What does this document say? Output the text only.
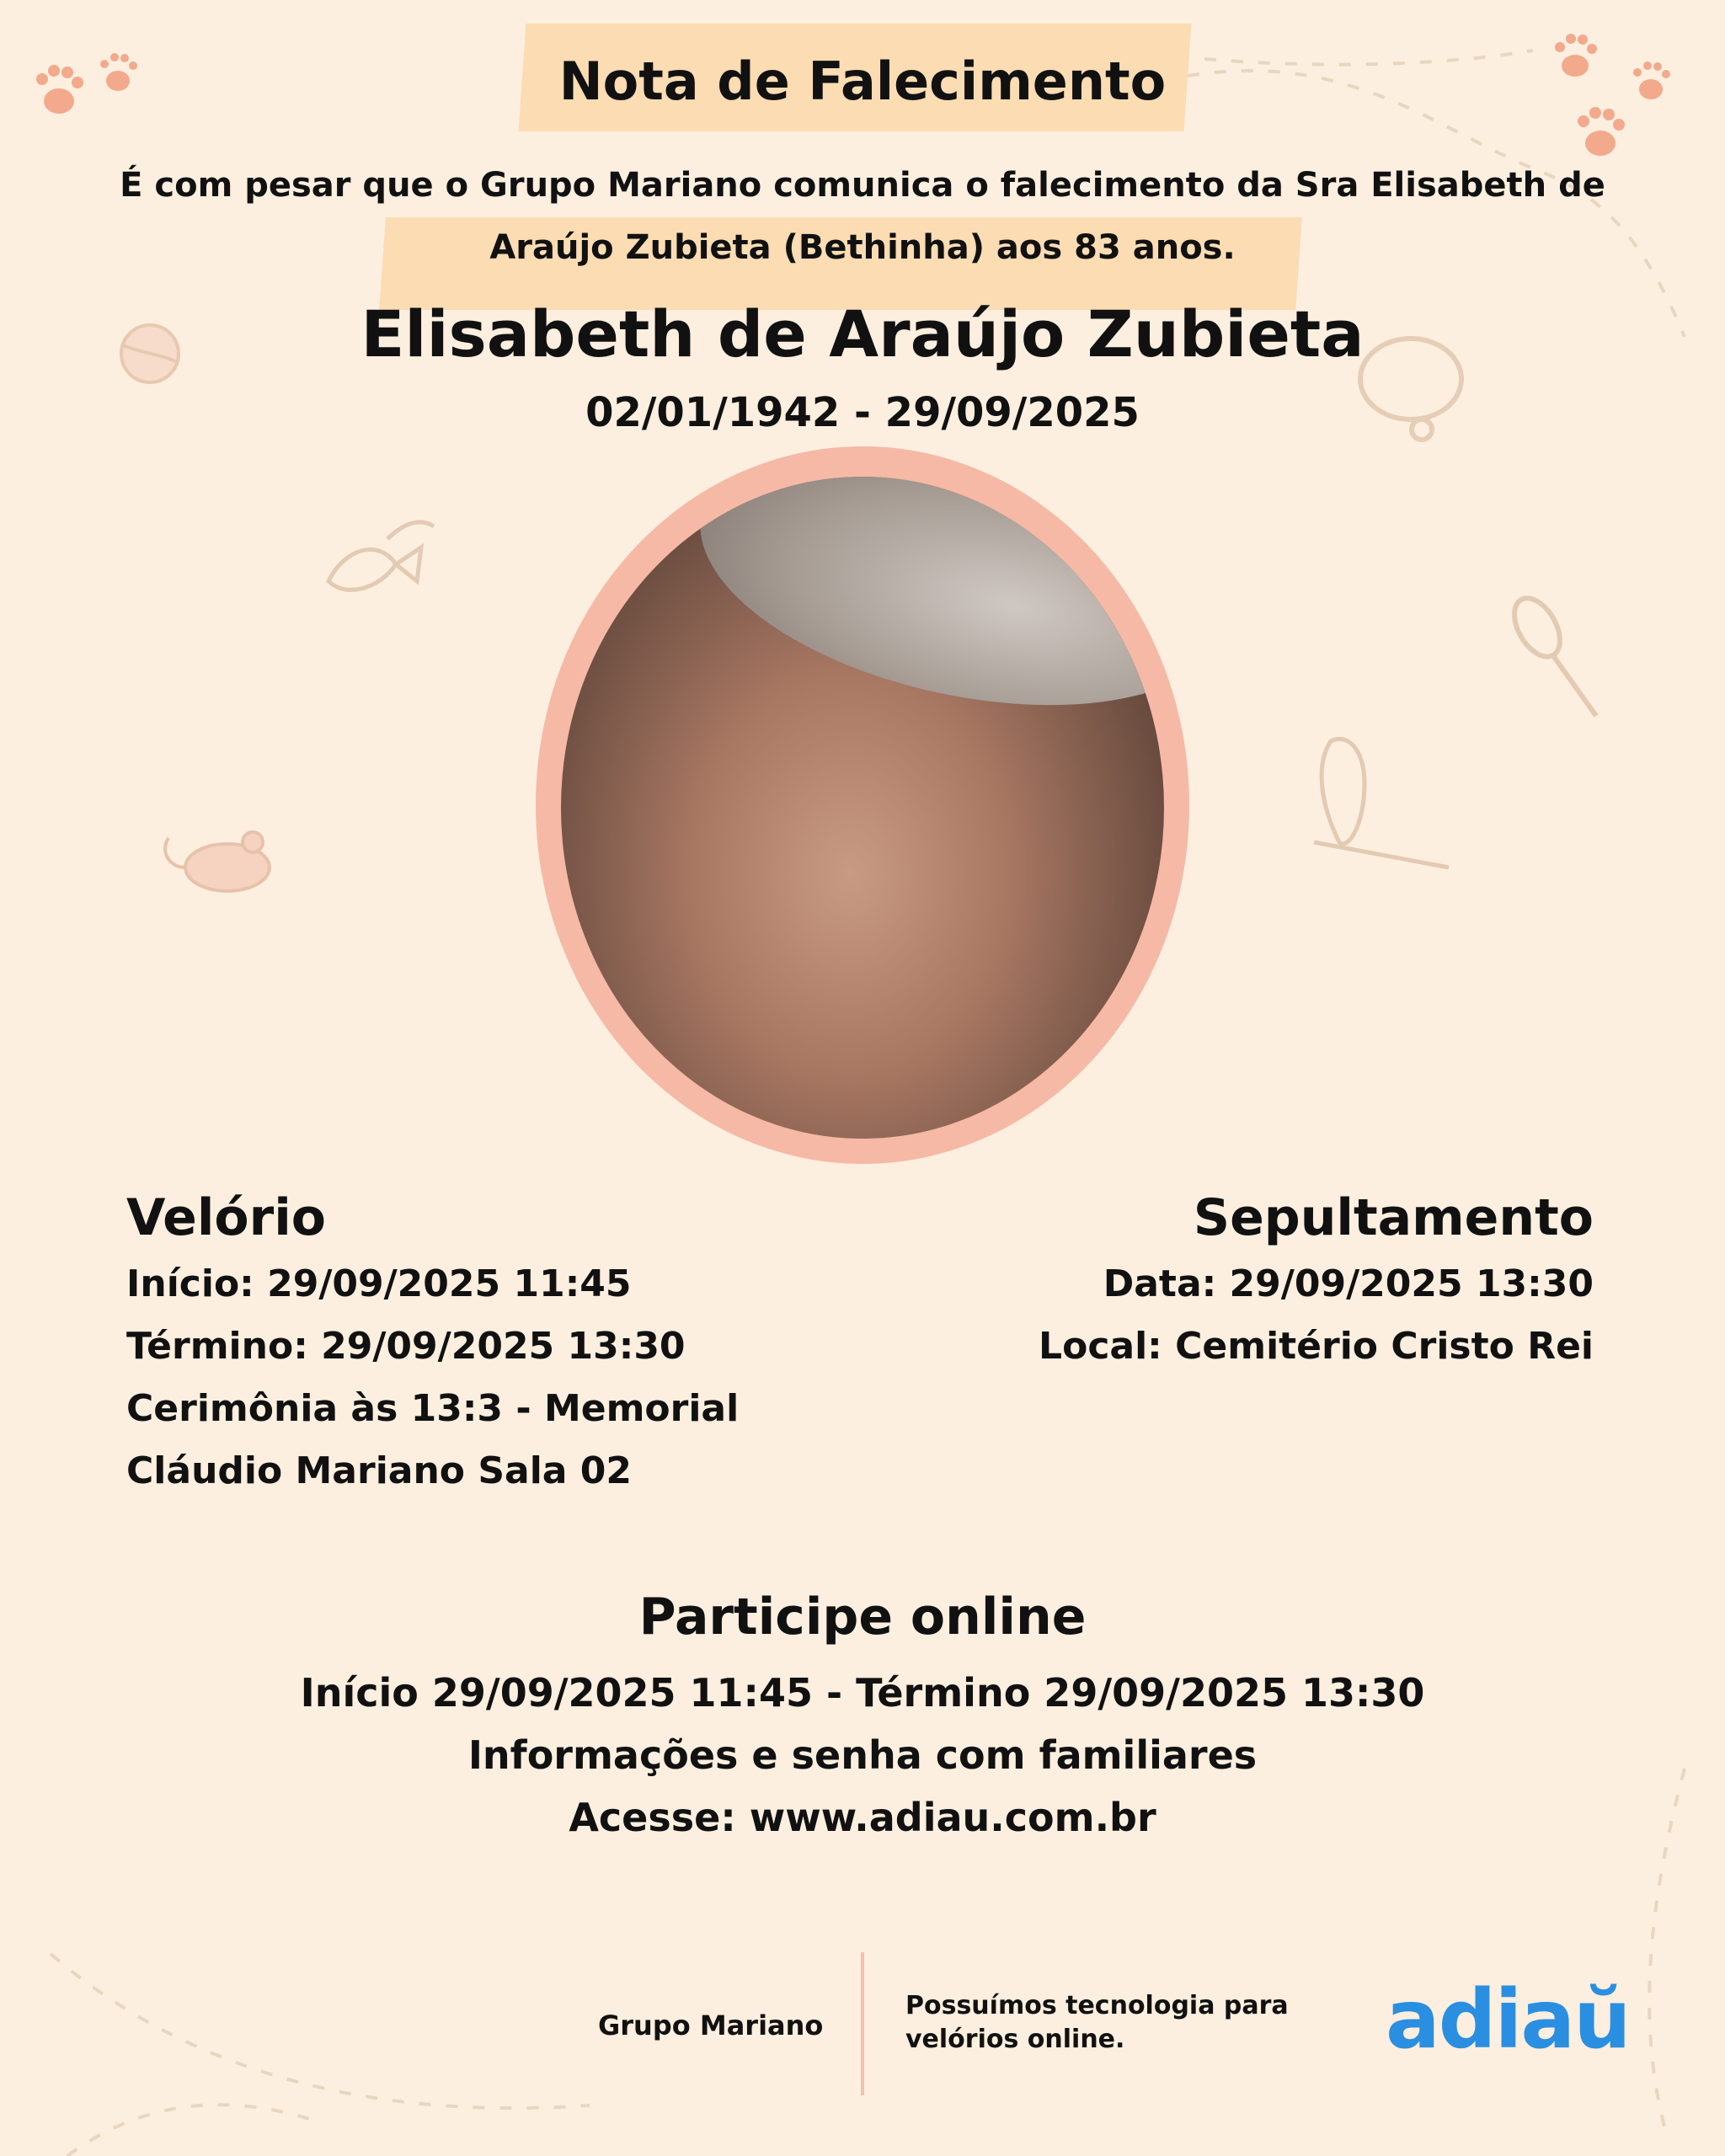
Nota de Falecimento
É com pesar que o Grupo Mariano comunica o falecimento da Sra Elisabeth de
Araújo Zubieta (Bethinha) aos 83 anos.
Elisabeth de Araújo Zubieta
02/01/1942 - 29/09/2025
Velório
Início: 29/09/2025 11:45
Término: 29/09/2025 13:30
Cerimônia às 13:3 - Memorial
Cláudio Mariano Sala 02
Sepultamento
Data: 29/09/2025 13:30
Local: Cemitério Cristo Rei
Participe online
Início 29/09/2025 11:45 - Término 29/09/2025 13:30
Informações e senha com familiares
Acesse: www.adiau.com.br
Grupo Mariano
Possuímos tecnologia para
velórios online.	adiaŭ
